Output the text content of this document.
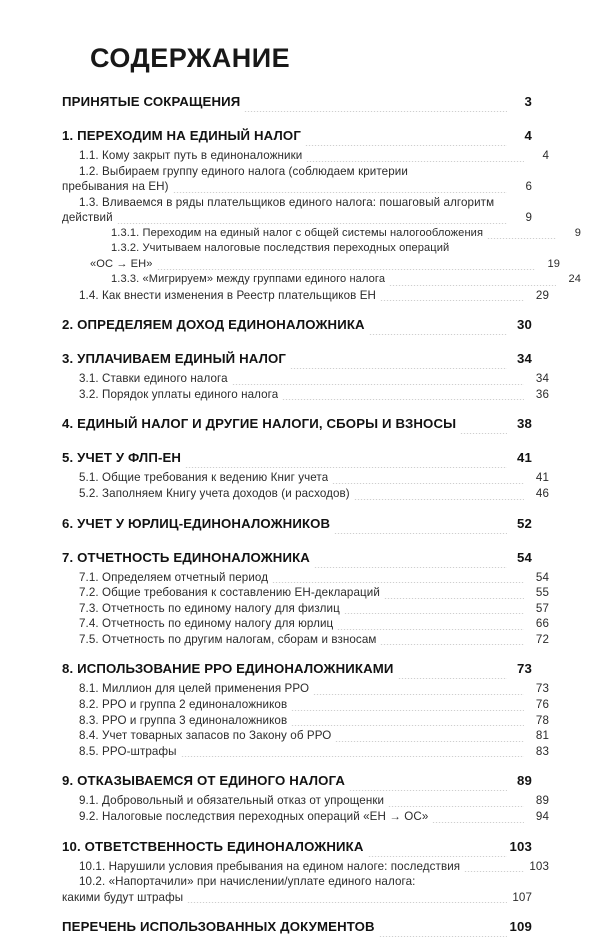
СОДЕРЖАНИЕ
ПРИНЯТЫЕ СОКРАЩЕНИЯ	3
1. ПЕРЕХОДИМ НА ЕДИНЫЙ НАЛОГ	4
1.1. Кому закрыт путь в единоналожники	4
1.2. Выбираем группу единого налога (соблюдаем критерии
пребывания на ЕН)	6
1.3. Вливаемся в ряды плательщиков единого налога: пошаговый алгоритм
действий	9
1.3.1. Переходим на единый налог с общей системы налогообложения	9
1.3.2. Учитываем налоговые последствия переходных операций
«ОС → ЕН»	19
1.3.3. «Мигрируем» между группами единого налога	24
1.4. Как внести изменения в Реестр плательщиков ЕН	29
2. ОПРЕДЕЛЯЕМ ДОХОД ЕДИНОНАЛОЖНИКА	30
3. УПЛАЧИВАЕМ ЕДИНЫЙ НАЛОГ	34
3.1. Ставки единого налога	34
3.2. Порядок уплаты единого налога	36
4. ЕДИНЫЙ НАЛОГ И ДРУГИЕ НАЛОГИ, СБОРЫ И ВЗНОСЫ	38
5. УЧЕТ У ФЛП-ЕН	41
5.1. Общие требования к ведению Книг учета	41
5.2. Заполняем Книгу учета доходов (и расходов)	46
6. УЧЕТ У ЮРЛИЦ-ЕДИНОНАЛОЖНИКОВ	52
7. ОТЧЕТНОСТЬ ЕДИНОНАЛОЖНИКА	54
7.1. Определяем отчетный период	54
7.2. Общие требования к составлению ЕН-деклараций	55
7.3. Отчетность по единому налогу для физлиц	57
7.4. Отчетность по единому налогу для юрлиц	66
7.5. Отчетность по другим налогам, сборам и взносам	72
8. ИСПОЛЬЗОВАНИЕ РРО ЕДИНОНАЛОЖНИКАМИ	73
8.1. Миллион для целей применения РРО	73
8.2. РРО и группа 2 единоналожников	76
8.3. РРО и группа 3 единоналожников	78
8.4. Учет товарных запасов по Закону об РРО	81
8.5. РРО-штрафы	83
9. ОТКАЗЫВАЕМСЯ ОТ ЕДИНОГО НАЛОГА	89
9.1. Добровольный и обязательный отказ от упрощенки	89
9.2. Налоговые последствия переходных операций «ЕН → ОС»	94
10. ОТВЕТСТВЕННОСТЬ ЕДИНОНАЛОЖНИКА	103
10.1. Нарушили условия пребывания на едином налоге: последствия	103
10.2. «Напортачили» при начислении/уплате единого налога:
какими будут штрафы	107
ПЕРЕЧЕНЬ ИСПОЛЬЗОВАННЫХ ДОКУМЕНТОВ	109
